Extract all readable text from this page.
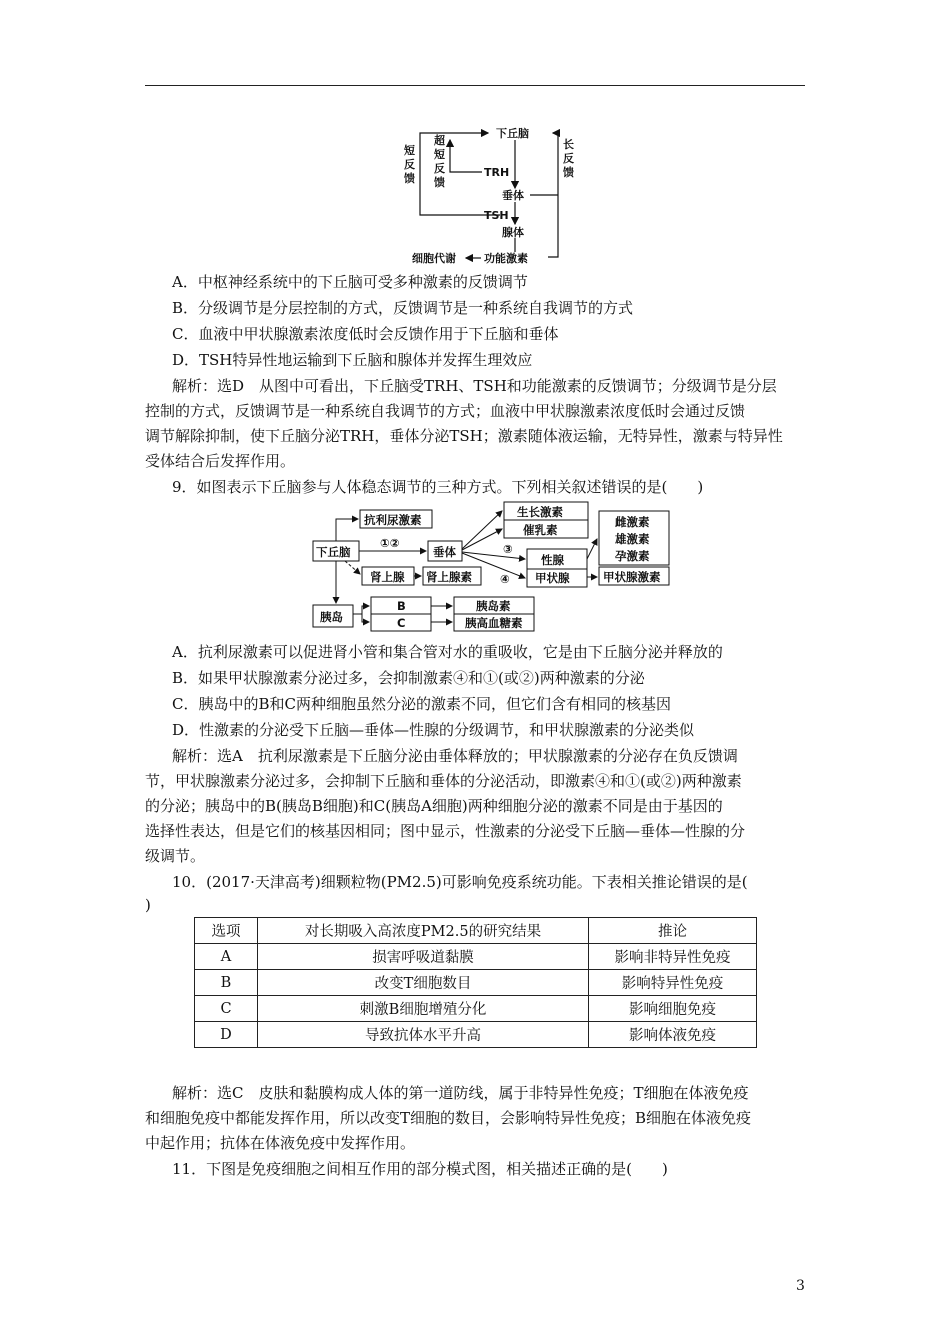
下丘脑
TRH
垂体
TSH
腺体
细胞代谢	功能激素
短
反
馈
超
短
反
馈
长
反
馈
A．中枢神经系统中的下丘脑可受多种激素的反馈调节
B．分级调节是分层控制的方式，反馈调节是一种系统自我调节的方式
C．血液中甲状腺激素浓度低时会反馈作用于下丘脑和垂体
D．TSH特异性地运输到下丘脑和腺体并发挥生理效应
解析：选D　从图中可看出，下丘脑受TRH、TSH和功能激素的反馈调节；分级调节是分层
控制的方式，反馈调节是一种系统自我调节的方式；血液中甲状腺激素浓度低时会通过反馈
调节解除抑制，使下丘脑分泌TRH，垂体分泌TSH；激素随体液运输，无特异性，激素与特异性
受体结合后发挥作用。
9．如图表示下丘脑参与人体稳态调节的三种方式。下列相关叙述错误的是(　　)
下丘脑
抗利尿激素
①②
垂体
生长激素
催乳素
③
性腺
④ 甲状腺
雌激素
雄激素
孕激素
甲状腺激素
肾上腺 肾上腺素
胰岛
B
C
胰岛素
胰高血糖素
A．抗利尿激素可以促进肾小管和集合管对水的重吸收，它是由下丘脑分泌并释放的
B．如果甲状腺激素分泌过多，会抑制激素④和①(或②)两种激素的分泌
C．胰岛中的B和C两种细胞虽然分泌的激素不同，但它们含有相同的核基因
D．性激素的分泌受下丘脑—垂体—性腺的分级调节，和甲状腺激素的分泌类似
解析：选A　抗利尿激素是下丘脑分泌由垂体释放的；甲状腺激素的分泌存在负反馈调
节，甲状腺激素分泌过多，会抑制下丘脑和垂体的分泌活动，即激素④和①(或②)两种激素
的分泌；胰岛中的B(胰岛B细胞)和C(胰岛A细胞)两种细胞分泌的激素不同是由于基因的
选择性表达，但是它们的核基因相同；图中显示，性激素的分泌受下丘脑—垂体—性腺的分
级调节。
10．(2017·天津高考)细颗粒物(PM2.5)可影响免疫系统功能。下表相关推论错误的是(
)
选项	对长期吸入高浓度PM2.5的研究结果	推论
A	损害呼吸道黏膜	影响非特异性免疫
B	改变T细胞数目	影响特异性免疫
C	刺激B细胞增殖分化	影响细胞免疫
D	导致抗体水平升高	影响体液免疫
解析：选C　皮肤和黏膜构成人体的第一道防线，属于非特异性免疫；T细胞在体液免疫
和细胞免疫中都能发挥作用，所以改变T细胞的数目，会影响特异性免疫；B细胞在体液免疫
中起作用；抗体在体液免疫中发挥作用。
11．下图是免疫细胞之间相互作用的部分模式图，相关描述正确的是(　　)
3
